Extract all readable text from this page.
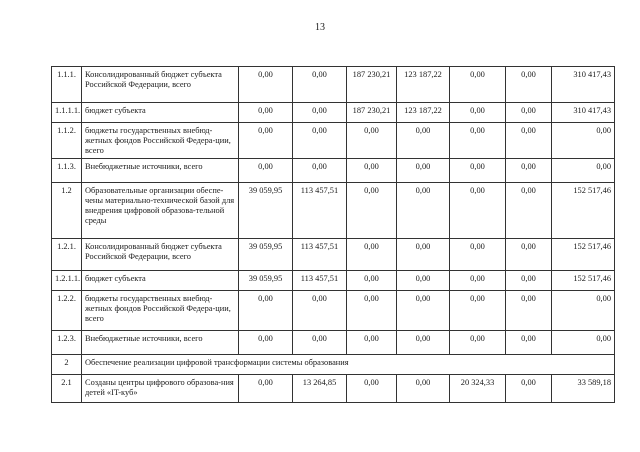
13
1.1.1.	Консолидированный бюджет субъекта Российской Федерации, всего	0,00	0,00	187 230,21	123 187,22	0,00	0,00	310 417,43
1.1.1.1.	бюджет субъекта	0,00	0,00	187 230,21	123 187,22	0,00	0,00	310 417,43
1.1.2.	бюджеты государственных внебюд-жетных фондов Российской Федера-ции, всего	0,00	0,00	0,00	0,00	0,00	0,00	0,00
1.1.3.	Внебюджетные источники, всего	0,00	0,00	0,00	0,00	0,00	0,00	0,00
1.2	Образовательные организации обеспе-чены материально-технической базой для внедрения цифровой образова-тельной среды	39 059,95	113 457,51	0,00	0,00	0,00	0,00	152 517,46
1.2.1.	Консолидированный бюджет субъекта Российской Федерации, всего	39 059,95	113 457,51	0,00	0,00	0,00	0,00	152 517,46
1.2.1.1.	бюджет субъекта	39 059,95	113 457,51	0,00	0,00	0,00	0,00	152 517,46
1.2.2.	бюджеты государственных внебюд-жетных фондов Российской Федера-ции, всего	0,00	0,00	0,00	0,00	0,00	0,00	0,00
1.2.3.	Внебюджетные источники, всего	0,00	0,00	0,00	0,00	0,00	0,00	0,00
2	Обеспечение реализации цифровой трансформации системы образования							
2.1	Созданы центры цифрового образова-ния детей «IT-куб»	0,00	13 264,85	0,00	0,00	20 324,33	0,00	33 589,18
